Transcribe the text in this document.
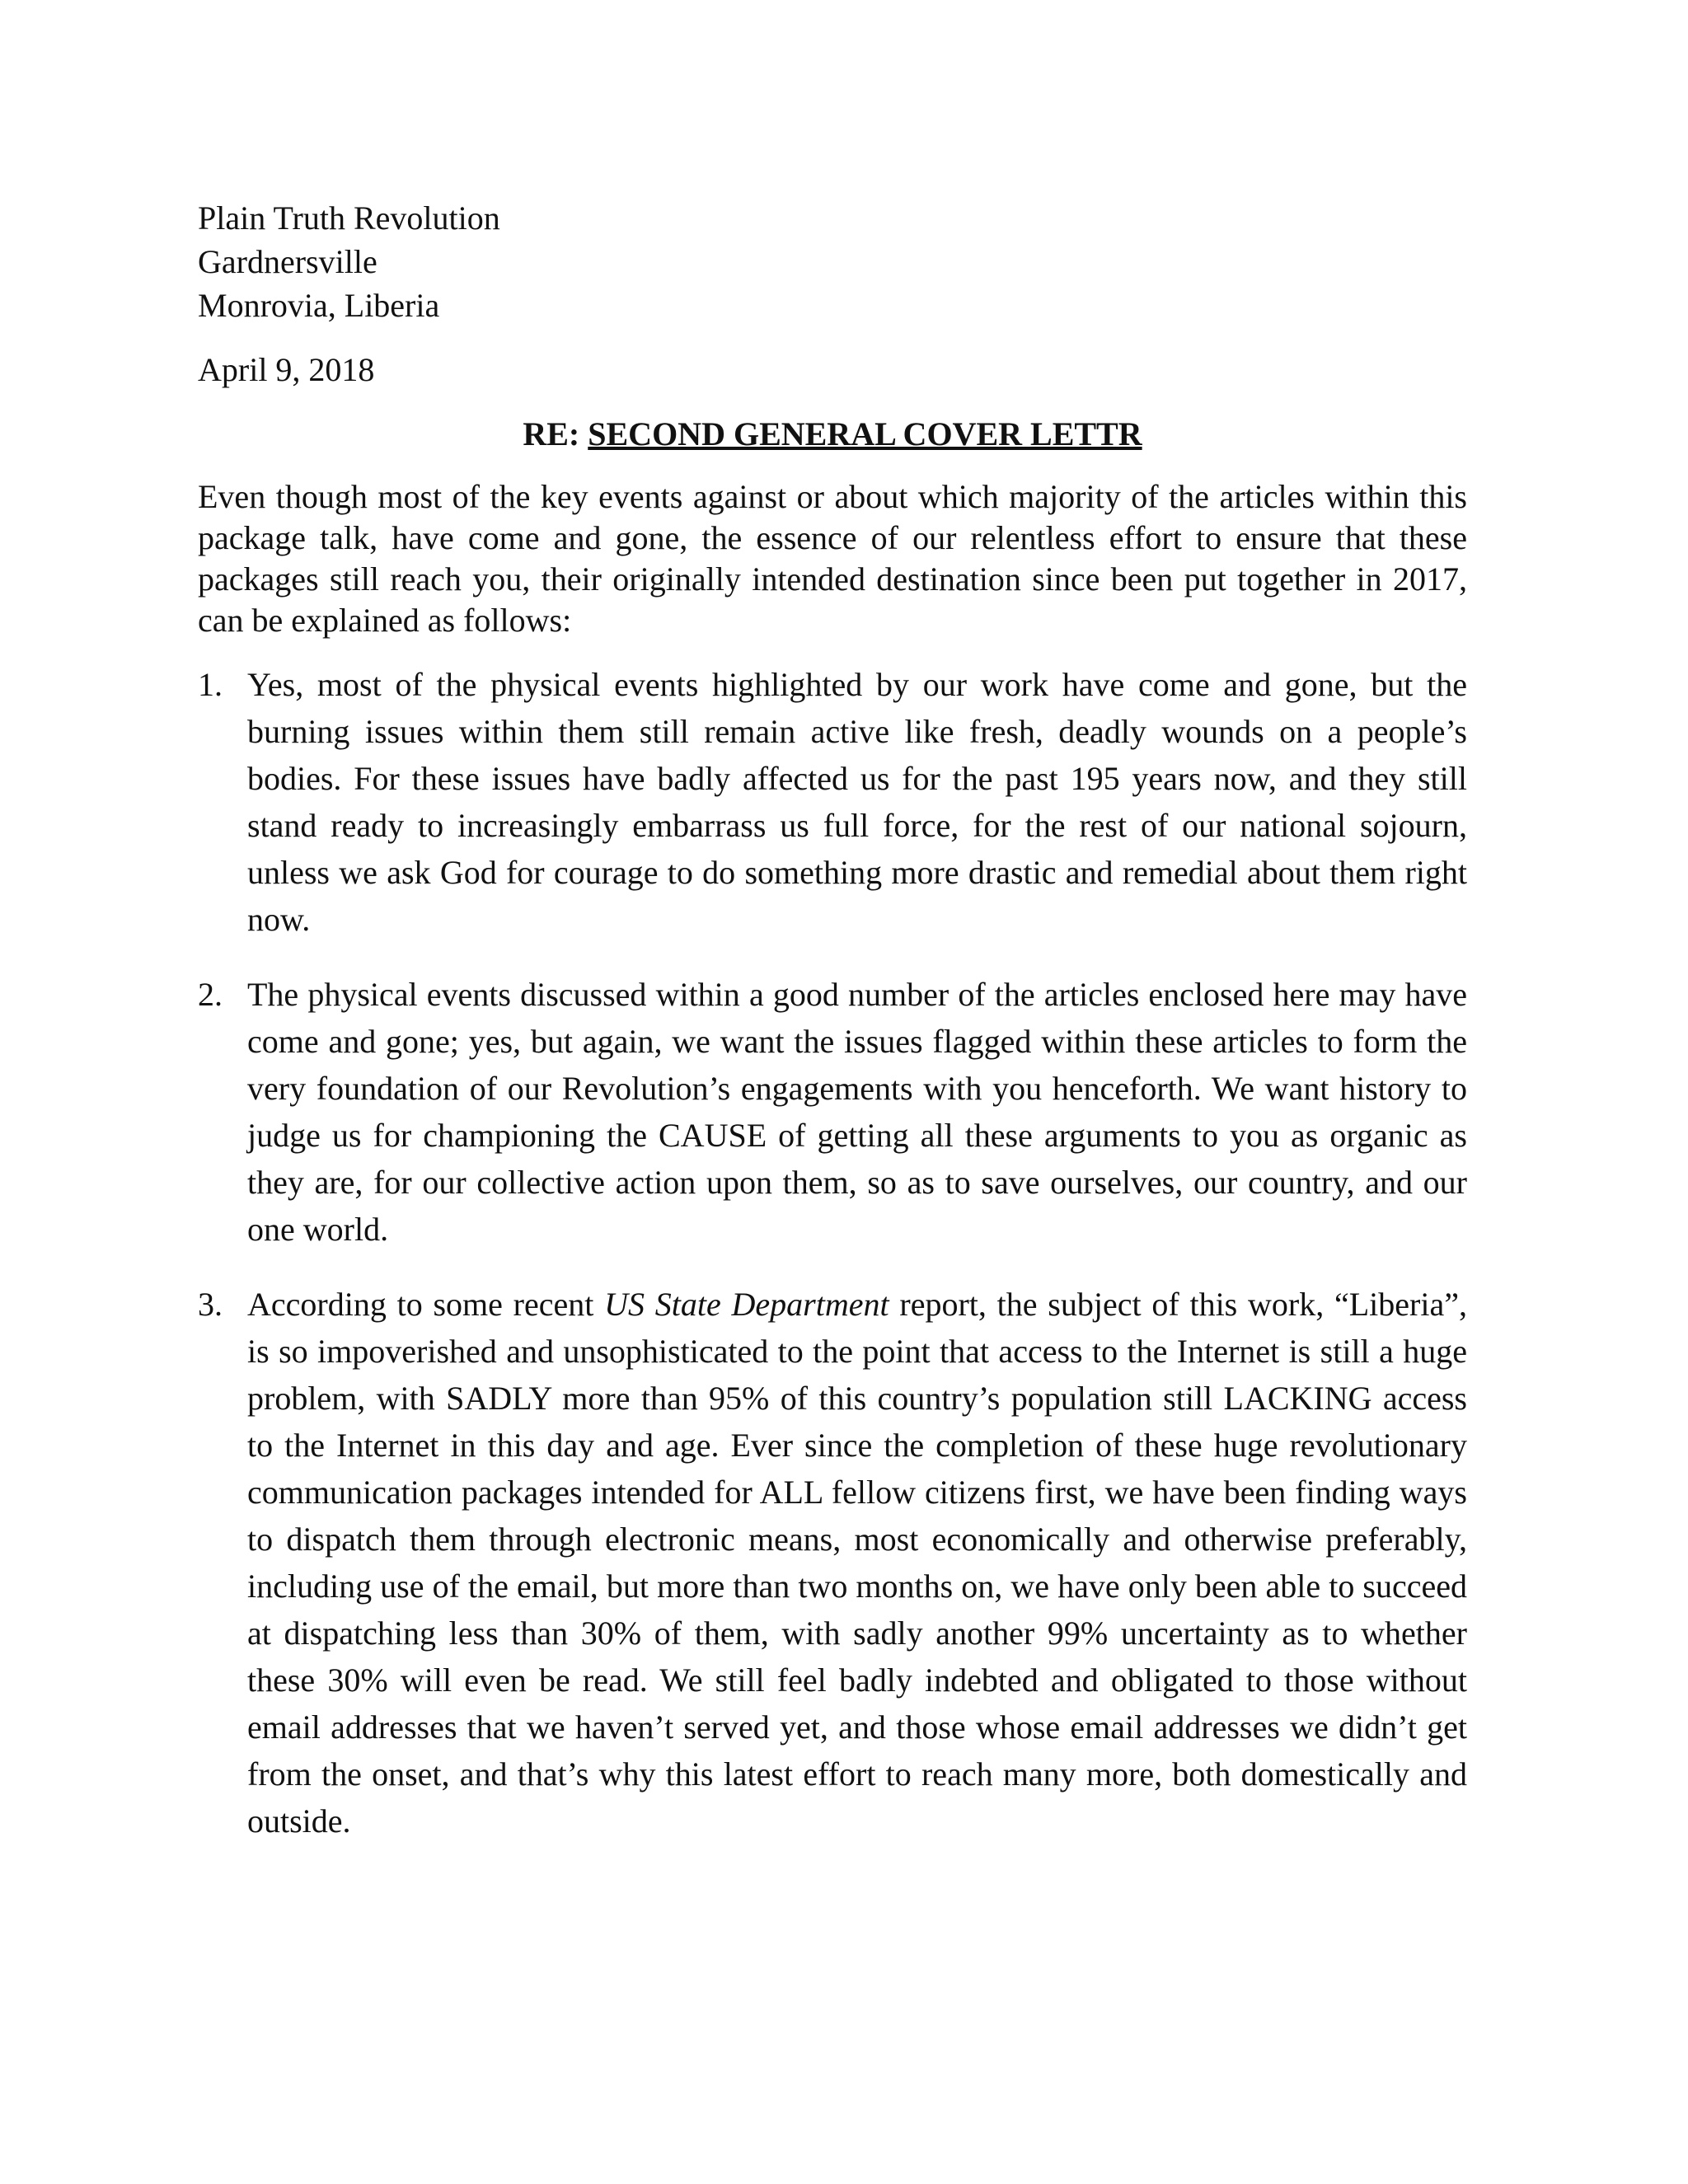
Plain Truth Revolution
Gardnersville
Monrovia, Liberia
April 9, 2018
RE: SECOND GENERAL COVER LETTR
Even though most of the key events against or about which majority of the articles within this package talk, have come and gone, the essence of our relentless effort to ensure that these packages still reach you, their originally intended destination since been put together in 2017, can be explained as follows:
1. Yes, most of the physical events highlighted by our work have come and gone, but the burning issues within them still remain active like fresh, deadly wounds on a people’s bodies. For these issues have badly affected us for the past 195 years now, and they still stand ready to increasingly embarrass us full force, for the rest of our national sojourn, unless we ask God for courage to do something more drastic and remedial about them right now.

2. The physical events discussed within a good number of the articles enclosed here may have come and gone; yes, but again, we want the issues flagged within these articles to form the very foundation of our Revolution’s engagements with you henceforth. We want history to judge us for championing the CAUSE of getting all these arguments to you as organic as they are, for our collective action upon them, so as to save ourselves, our country, and our one world.

3. According to some recent US State Department report, the subject of this work, “Liberia”, is so impoverished and unsophisticated to the point that access to the Internet is still a huge problem, with SADLY more than 95% of this country’s population still LACKING access to the Internet in this day and age. Ever since the completion of these huge revolutionary communication packages intended for ALL fellow citizens first, we have been finding ways to dispatch them through electronic means, most economically and otherwise preferably, including use of the email, but more than two months on, we have only been able to succeed at dispatching less than 30% of them, with sadly another 99% uncertainty as to whether these 30% will even be read. We still feel badly indebted and obligated to those without email addresses that we haven’t served yet, and those whose email addresses we didn’t get from the onset, and that’s why this latest effort to reach many more, both domestically and outside.
